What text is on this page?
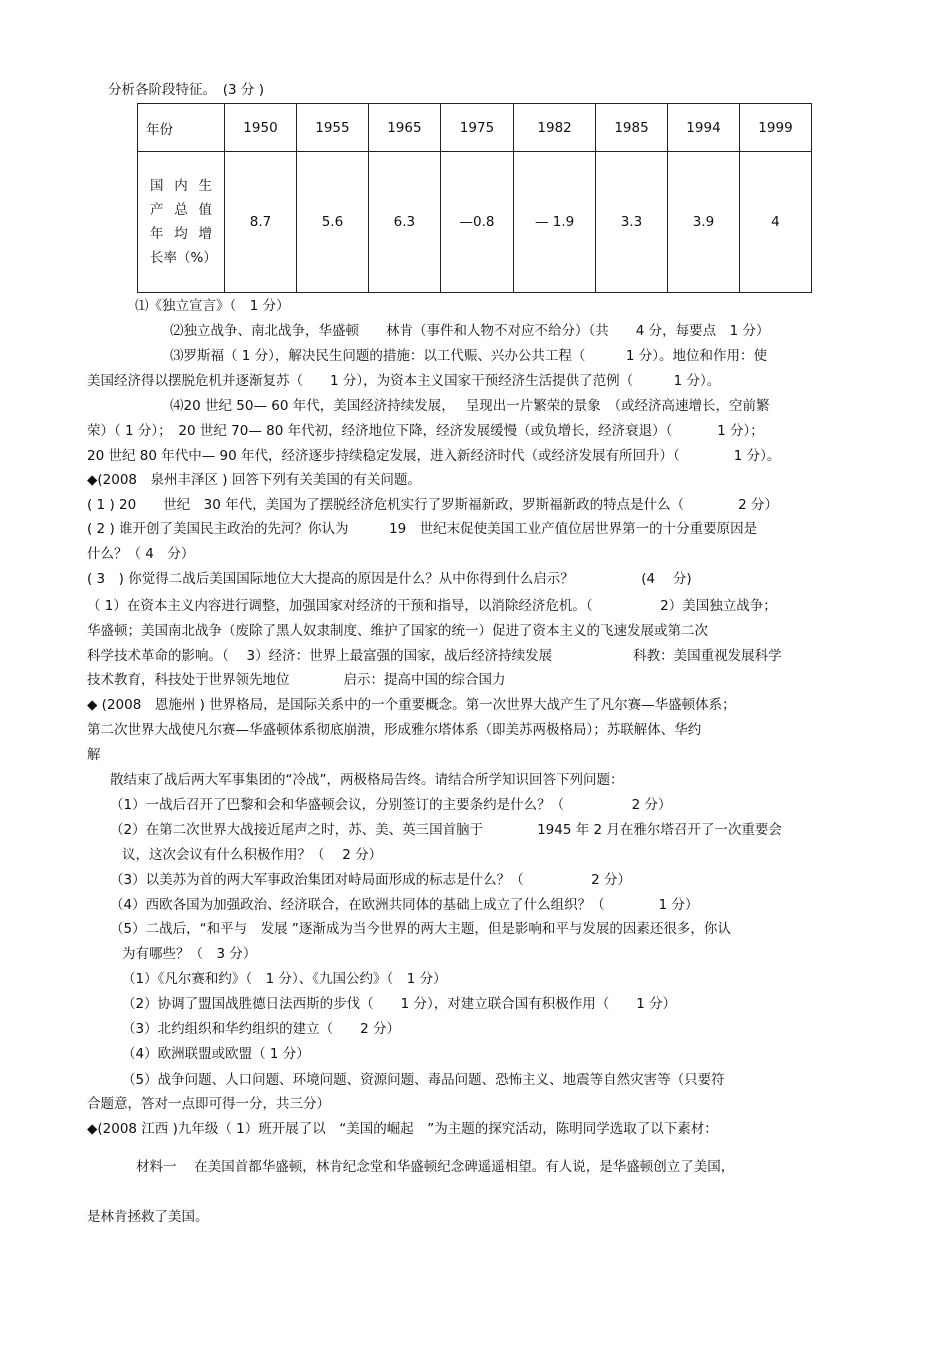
分析各阶段特征。　(3 分 )
年份	1950	1955	1965	1975	1982	1985	1994	1999

国 内 生
产 总 值
年 均 增
长率（%）	8.7	5.6	6.3	—0.8	— 1.9	3.3	3.9	4
⑴《独立宣言》（　1 分）
⑵独立战争、南北战争，华盛顿　　林肯（事件和人物不对应不给分）（共　　4 分，每要点　1 分）
⑶罗斯福（ 1 分），解决民生问题的措施：以工代赈、兴办公共工程（　　　1 分）。地位和作用：使
美国经济得以摆脱危机并逐渐复苏（　　1 分），为资本主义国家干预经济生活提供了范例（　　　1 分）。
⑷20 世纪 50— 60 年代，美国经济持续发展，　 呈现出一片繁荣的景象　（或经济高速增长，空前繁
荣）（ 1 分）；　20 世纪 70— 80 年代初，经济地位下降，经济发展缓慢（或负增长，经济衰退）（　　　 1 分）；
20 世纪 80 年代中— 90 年代，经济逐步持续稳定发展，进入新经济时代（或经济发展有所回升）（　　　　1 分）。
◆(2008　泉州丰泽区 ) 回答下列有关美国的有关问题。
( 1 ) 20　　世纪　30 年代，美国为了摆脱经济危机实行了罗斯福新政，罗斯福新政的特点是什么（　　　　2 分）
( 2 ) 谁开创了美国民主政治的先河？你认为　　　19　世纪末促使美国工业产值位居世界第一的十分重要原因是
什么？（ 4　分）
( 3　) 你觉得二战后美国国际地位大大提高的原因是什么？从中你得到什么启示？　　　　　(4　 分)
（ 1）在资本主义内容进行调整，加强国家对经济的干预和指导，以消除经济危机。（　　　　　2）美国独立战争；
华盛顿；美国南北战争（废除了黑人奴隶制度、维护了国家的统一）促进了资本主义的飞速发展或第二次
科学技术革命的影响。（　 3）经济：世界上最富强的国家，战后经济持续发展　　　　　　科教：美国重视发展科学
技术教育，科技处于世界领先地位　　　　启示：提高中国的综合国力
◆ (2008　恩施州 ) 世界格局，是国际关系中的一个重要概念。第一次世界大战产生了凡尔赛—华盛顿体系；
第二次世界大战使凡尔赛—华盛顿体系彻底崩溃，形成雅尔塔体系（即美苏两极格局）；苏联解体、华约
解
散结束了战后两大军事集团的“冷战”，两极格局告终。请结合所学知识回答下列问题：
（1）一战后召开了巴黎和会和华盛顿会议，分别签订的主要条约是什么？（　　　　　2 分）
（2）在第二次世界大战接近尾声之时，苏、美、英三国首脑于　　　　1945 年 2 月在雅尔塔召开了一次重要会
议，这次会议有什么积极作用？（　 2 分）
（3）以美苏为首的两大军事政治集团对峙局面形成的标志是什么？（　　　　　2 分）
（4）西欧各国为加强政治、经济联合，在欧洲共同体的基础上成立了什么组织？（　　　　1 分）
（5）二战后，“和平与　发展 ”逐渐成为当今世界的两大主题，但是影响和平与发展的因素还很多，你认
为有哪些？（　3 分）
（1）《凡尔赛和约》（　1 分）、《九国公约》（　1 分）
（2）协调了盟国战胜德日法西斯的步伐（　　1 分），对建立联合国有积极作用（　　1 分）
（3）北约组织和华约组织的建立（　　2 分）
（4）欧洲联盟或欧盟（ 1 分）
（5）战争问题、人口问题、环境问题、资源问题、毒品问题、恐怖主义、地震等自然灾害等（只要符
合题意，答对一点即可得一分，共三分）
◆(2008 江西 )九年级（ 1）班开展了以　“美国的崛起　”为主题的探究活动，陈明同学选取了以下素材：
材料一　 在美国首都华盛顿，林肯纪念堂和华盛顿纪念碑遥遥相望。有人说，是华盛顿创立了美国，
是林肯拯救了美国。
